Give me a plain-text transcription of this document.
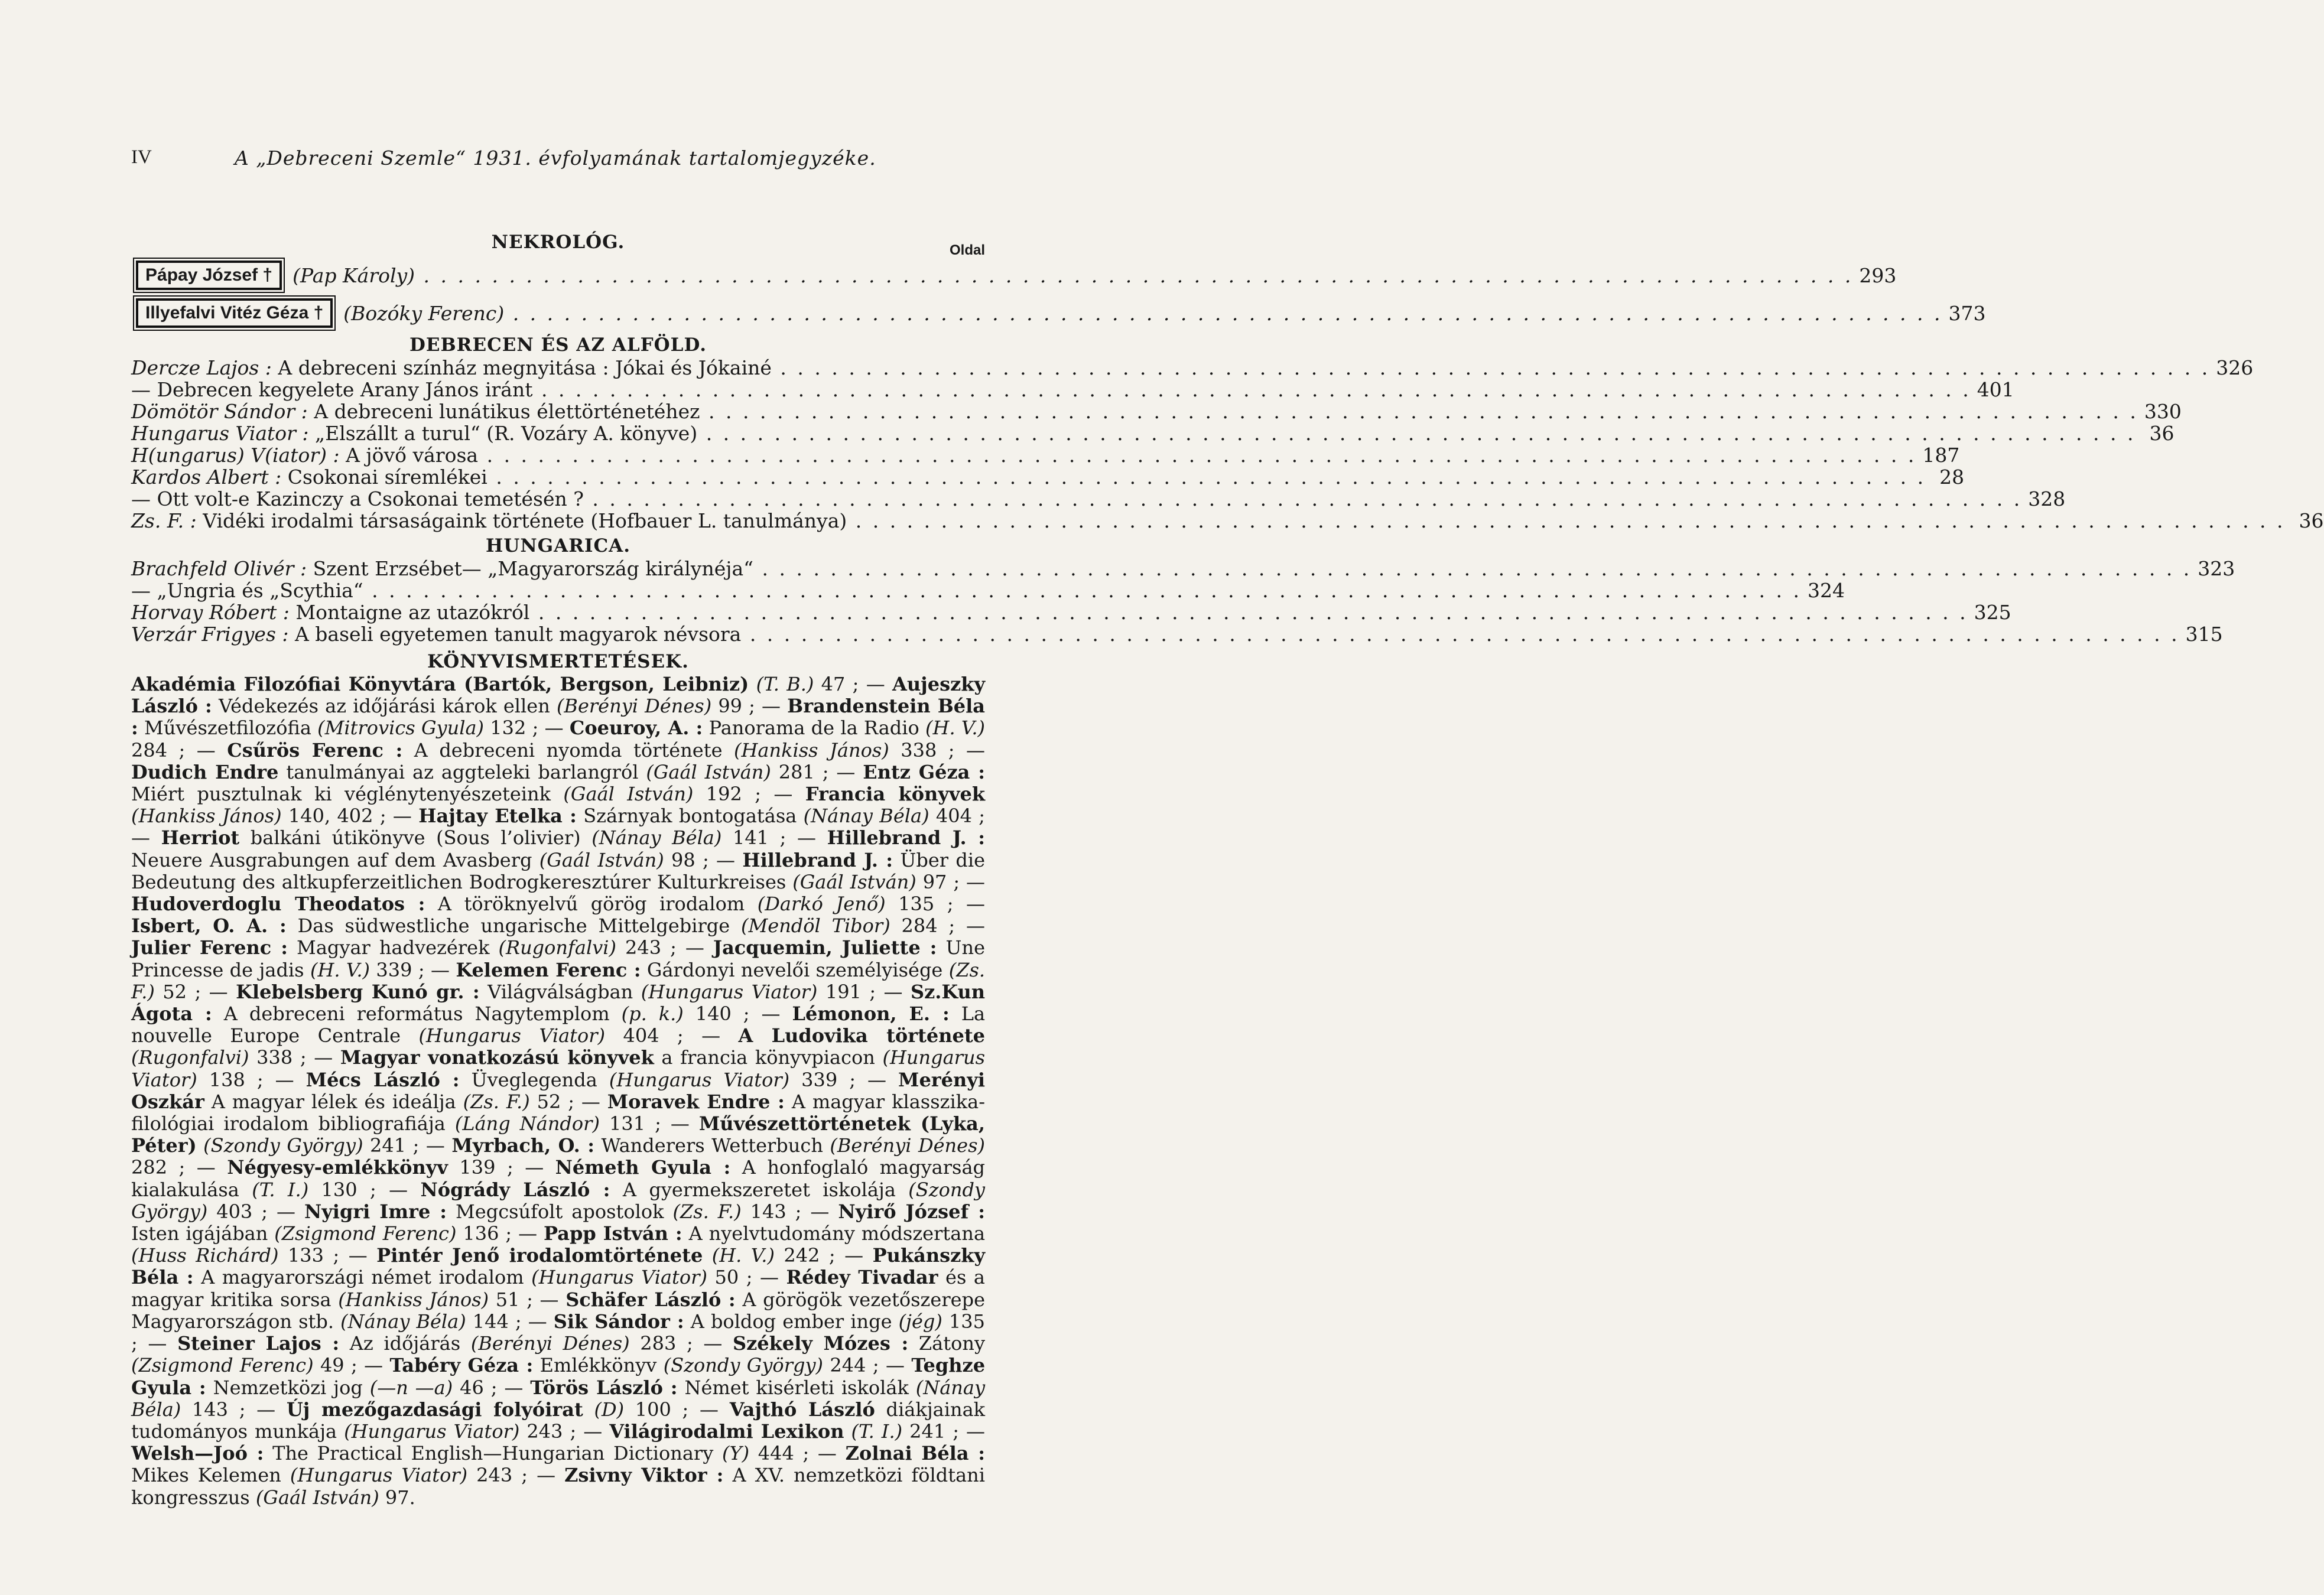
IV	A „Debreceni Szemle“ 1931. évfolyamának tartalomjegyzéke.
NEKROLÓG.	Oldal
Pápay József †	(Pap Károly) . . .	293
Illyefalvi Vitéz Géza †	(Bozóky Ferenc) . . .	373
DEBRECEN ÉS AZ ALFÖLD.
Dercze Lajos : A debreceni színház megnyitása : Jókai és Jókainé . . .	326
— Debrecen kegyelete Arany János iránt . . .	401
Dömötör Sándor : A debreceni lunátikus élettörténetéhez . . .	330
Hungarus Viator : „Elszállt a turul“ (R. Vozáry A. könyve) . . .	36
H(ungarus) V(iator) : A jövő városa . . .	187
Kardos Albert : Csokonai síremlékei . . .	28
— Ott volt-e Kazinczy a Csokonai temetésén ? . . .	328
Zs. F. : Vidéki irodalmi társaságaink története (Hofbauer L. tanulmánya) . . .	36
HUNGARICA.
Brachfeld Olivér : Szent Erzsébet— „Magyarország királynéja“ . . .	323
— „Ungria és „Scythia“ . . .	324
Horvay Róbert : Montaigne az utazókról . . .	325
Verzár Frigyes : A baseli egyetemen tanult magyarok névsora . . .	315
KÖNYVISMERTETÉSEK.

Akadémia Filozófiai Könyvtára (Bartók, Bergson, Leibniz) (T. B.) 47 ; — Aujeszky László : Védekezés az időjárási károk ellen (Berényi Dénes) 99 ; — Brandenstein Béla : Művészetfilozófia (Mitrovics Gyula) 132 ; — Coeuroy, A. : Panorama de la Radio (H. V.) 284 ; — Csűrös Ferenc : A debreceni nyomda története (Hankiss János) 338 ; — Dudich Endre tanulmányai az aggteleki barlangról (Gaál István) 281 ; — Entz Géza : Miért pusztulnak ki véglénytenyészeteink (Gaál István) 192 ; — Francia könyvek (Hankiss János) 140, 402 ; — Hajtay Etelka : Szárnyak bontogatása (Nánay Béla) 404 ; — Herriot balkáni útikönyve (Sous l’olivier) (Nánay Béla) 141 ; — Hillebrand J. : Neuere Ausgrabungen auf dem Avasberg (Gaál István) 98 ; — Hillebrand J. : Über die Bedeutung des altkupferzeitlichen Bodrogkeresztúrer Kulturkreises (Gaál István) 97 ; — Hudoverdoglu Theodatos : A töröknyelvű görög irodalom (Darkó Jenő) 135 ; — Isbert, O. A. : Das südwestliche ungarische Mittelgebirge (Mendöl Tibor) 284 ; — Julier Ferenc : Magyar hadvezérek (Rugonfalvi) 243 ; — Jacquemin, Juliette : Une Princesse de jadis (H. V.) 339 ; — Kelemen Ferenc : Gárdonyi nevelői személyisége (Zs. F.) 52 ; — Klebelsberg Kunó gr. : Világválságban (Hungarus Viator) 191 ; — Sz.Kun Ágota : A debreceni református Nagytemplom (p. k.) 140 ; — Lémonon, E. : La nouvelle Europe Centrale (Hungarus Viator) 404 ; — A Ludovika története (Rugonfalvi) 338 ; — Magyar vonatkozású könyvek a francia könyvpiacon (Hungarus Viator) 138 ; — Mécs László : Üveglegenda (Hungarus Viator) 339 ; — Merényi Oszkár A magyar lélek és ideálja (Zs. F.) 52 ; — Moravek Endre : A magyar klasszika-filológiai irodalom bibliografiája (Láng Nándor) 131 ; — Művészettörténetek (Lyka, Péter) (Szondy György) 241 ; — Myrbach, O. : Wanderers Wetterbuch (Berényi Dénes) 282 ; — Négyesy-emlékkönyv 139 ; — Németh Gyula : A honfoglaló magyarság kialakulása (T. I.) 130 ; — Nógrády László : A gyermekszeretet iskolája (Szondy György) 403 ; — Nyigri Imre : Megcsúfolt apostolok (Zs. F.) 143 ; — Nyirő József : Isten igájában (Zsigmond Ferenc) 136 ; — Papp István : A nyelvtudomány módszertana (Huss Richárd) 133 ; — Pintér Jenő irodalomtörténete (H. V.) 242 ; — Pukánszky Béla : A magyarországi német irodalom (Hungarus Viator) 50 ; — Rédey Tivadar és a magyar kritika sorsa (Hankiss János) 51 ; — Schäfer László : A görögök vezetőszerepe Magyarországon stb. (Nánay Béla) 144 ; — Sik Sándor : A boldog ember inge (jég) 135 ; — Steiner Lajos : Az időjárás (Berényi Dénes) 283 ; — Székely Mózes : Zátony (Zsigmond Ferenc) 49 ; — Tabéry Géza : Emlékkönyv (Szondy György) 244 ; — Teghze Gyula : Nemzetközi jog (—n —a) 46 ; — Törös László : Német kisérleti iskolák (Nánay Béla) 143 ; — Új mezőgazdasági folyóirat (D) 100 ; — Vajthó László diákjainak tudományos munkája (Hungarus Viator) 243 ; — Világirodalmi Lexikon (T. I.) 241 ; — Welsh—Joó : The Practical English—Hungarian Dictionary (Y) 444 ; — Zolnai Béla : Mikes Kelemen (Hungarus Viator) 243 ; — Zsivny Viktor : A XV. nemzetközi földtani kongresszus (Gaál István) 97.
